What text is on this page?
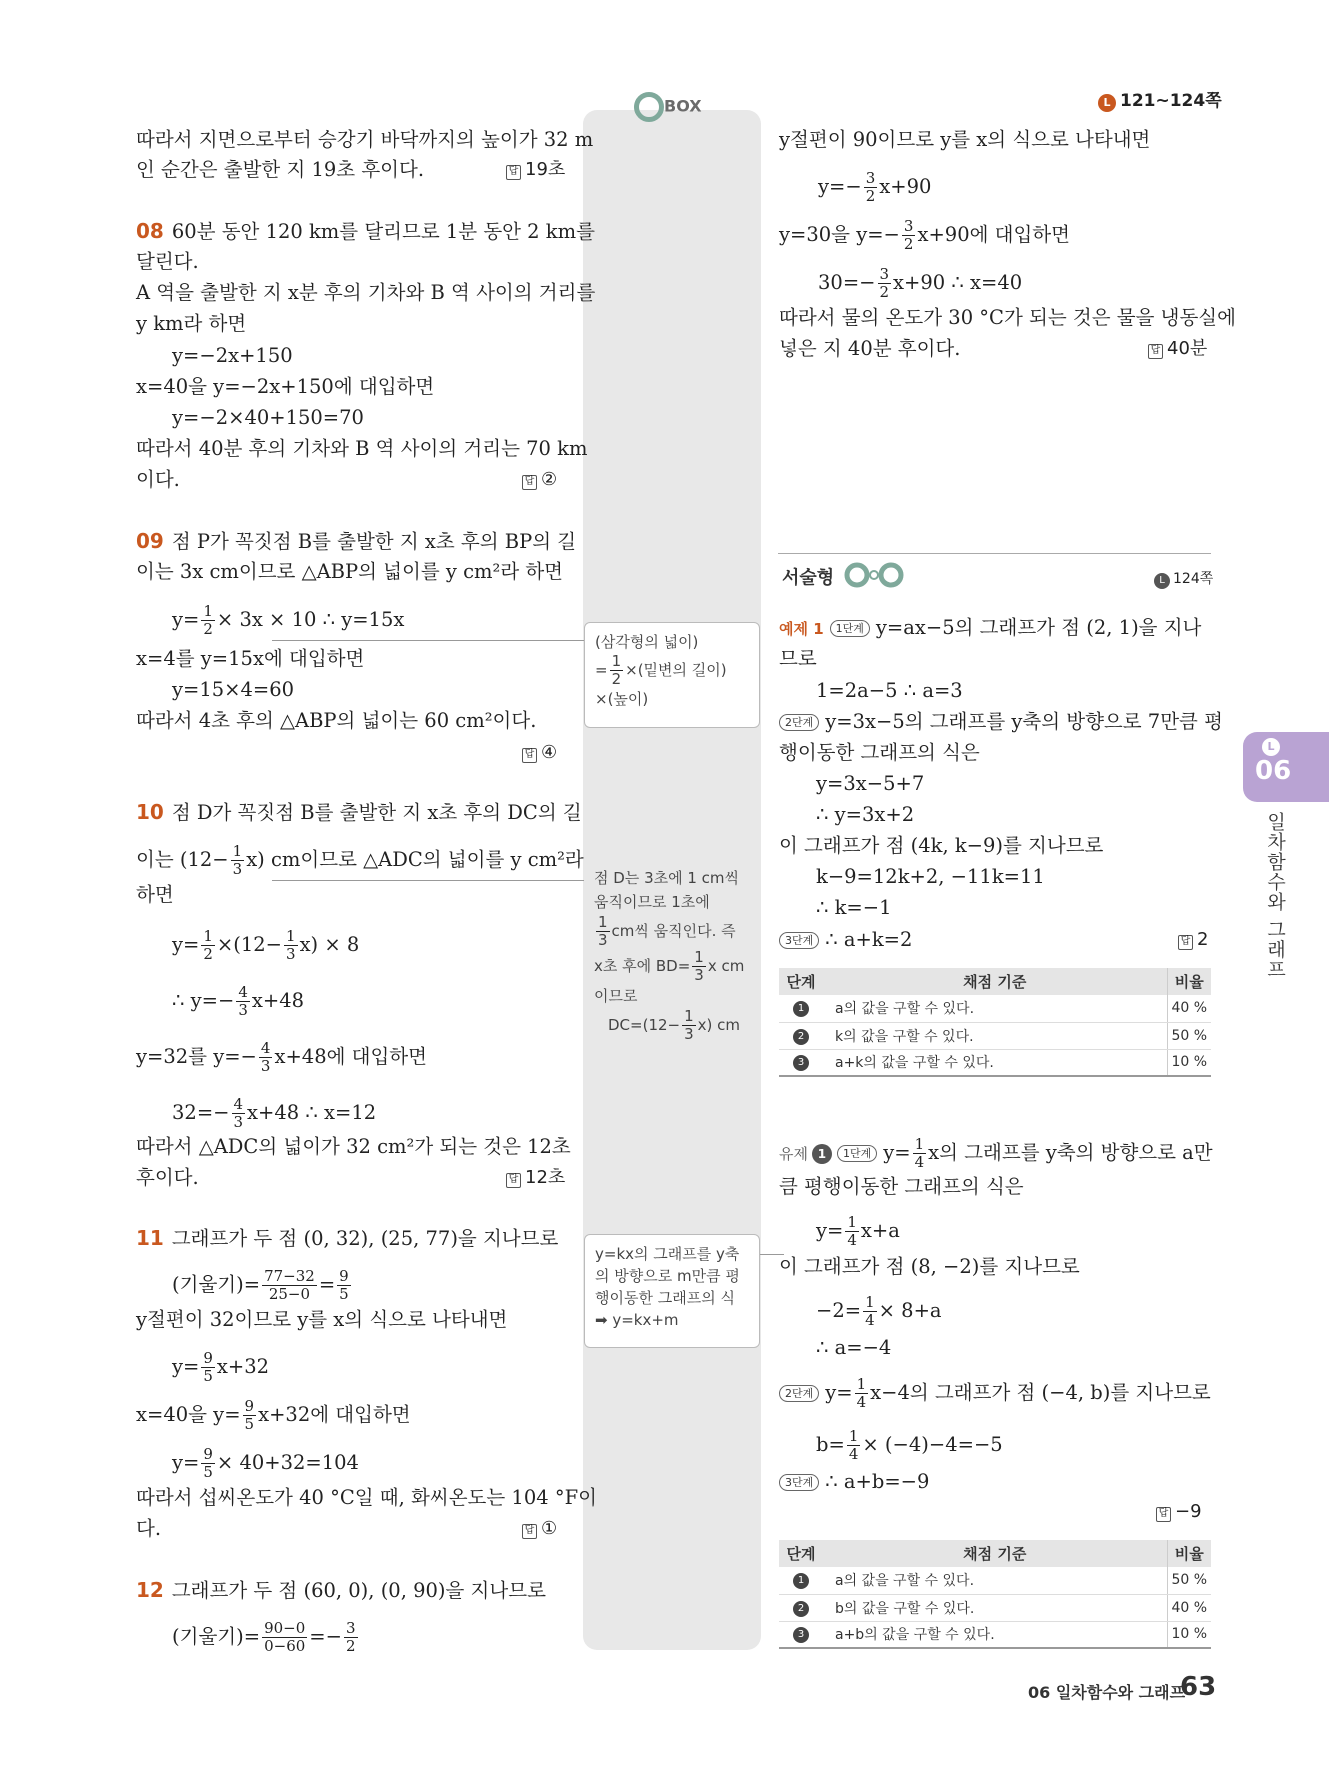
L 121~124쪽
BOX
따라서 지면으로부터 승강기 바닥까지의 높이가 32 m
인 순간은 출발한 지 19초 후이다.	답 19초
08 60분 동안 120 km를 달리므로 1분 동안 2 km를
달린다.
A 역을 출발한 지 x분 후의 기차와 B 역 사이의 거리를
y km라 하면
y=−2x+150
x=40을 y=−2x+150에 대입하면
y=−2×40+150=70
따라서 40분 후의 기차와 B 역 사이의 거리는 70 km
이다.	답 ②
09 점 P가 꼭짓점 B를 출발한 지 x초 후의 BP의 길
이는 3x cm이므로 △ABP의 넓이를 y cm²라 하면
$y= \frac{1}{2} \times 3x \times 10$ ∴ y=15x
x=4를 y=15x에 대입하면
y=15×4=60
따라서 4초 후의 △ABP의 넓이는 60 cm²이다.
답 ④
10 점 D가 꼭짓점 B를 출발한 지 x초 후의 DC의 길
이는 $(12- \frac{1}{3} x)$ cm이므로 △ADC의 넓이를 y cm²라
하면
$y= \frac{1}{2} \times(12- \frac{1}{3} x) \times 8$
∴ $y=- \frac{4}{3} x+48$
y=32를 $y=- \frac{4}{3} x+48$에 대입하면
$32=- \frac{4}{3} x+48$ ∴ x=12
따라서 △ADC의 넓이가 32 cm²가 되는 것은 12초
후이다.	답 12초
11 그래프가 두 점 (0, 32), (25, 77)을 지나므로
(기울기)= $\frac{77-32}{25-0} = \frac{9}{5}$
y절편이 32이므로 y를 x의 식으로 나타내면
$y= \frac{9}{5} x+32$
x=40을 $y= \frac{9}{5} x+32$에 대입하면
$y= \frac{9}{5} \times 40+32=104$
따라서 섭씨온도가 40 °C일 때, 화씨온도는 104 °F이
다.	답 ①
12 그래프가 두 점 (60, 0), (0, 90)을 지나므로
(기울기)= $\frac{90-0}{0-60} =- \frac{3}{2}$
(삼각형의 넓이)
= $\frac{1}{2}$ ×(밑변의 길이)
×(높이)
점 D는 3초에 1 cm씩
움직이므로 1초에
$\frac{1}{3}$ cm씩 움직인다. 즉
x초 후에 $BD= \frac{1}{3}$ x cm
이므로
$DC=(12- \frac{1}{3} x)$ cm
y=kx의 그래프를 y축
의 방향으로 m만큼 평
행이동한 그래프의 식
➡ y=kx+m
y절편이 90이므로 y를 x의 식으로 나타내면
$y=- \frac{3}{2} x+90$
y=30을 $y=- \frac{3}{2} x+90$에 대입하면
$30=- \frac{3}{2} x+90$ ∴ x=40
따라서 물의 온도가 30 °C가 되는 것은 물을 냉동실에
넣은 지 40분 후이다.	답 40분
서술형	L 124쪽
예제 1 1단계 y=ax−5의 그래프가 점 (2, 1)을 지나
므로
1=2a−5 ∴ a=3
2단계 y=3x−5의 그래프를 y축의 방향으로 7만큼 평
행이동한 그래프의 식은
y=3x−5+7
∴ y=3x+2
이 그래프가 점 (4k, k−9)를 지나므로
k−9=12k+2, −11k=11
∴ k=−1
3단계 ∴ a+k=2	답 2
단계	채점 기준	비율
1	a의 값을 구할 수 있다.	40 %
2	k의 값을 구할 수 있다.	50 %
3	a+k의 값을 구할 수 있다.	10 %
유제 1 1단계 $y= \frac{1}{4}$ x의 그래프를 y축의 방향으로 a만
큼 평행이동한 그래프의 식은
$y= \frac{1}{4} x+a$
이 그래프가 점 (8, −2)를 지나므로
$-2= \frac{1}{4} \times 8+a$
∴ a=−4
2단계 $y= \frac{1}{4} x-4$의 그래프가 점 (−4, b)를 지나므로
$b= \frac{1}{4} \times (-4)-4=-5$
3단계 ∴ a+b=−9
답 −9
단계	채점 기준	비율
1	a의 값을 구할 수 있다.	50 %
2	b의 값을 구할 수 있다.	40 %
3	a+b의 값을 구할 수 있다.	10 %
06
L
일차함수와 그래프
06 일차함수와 그래프
63
